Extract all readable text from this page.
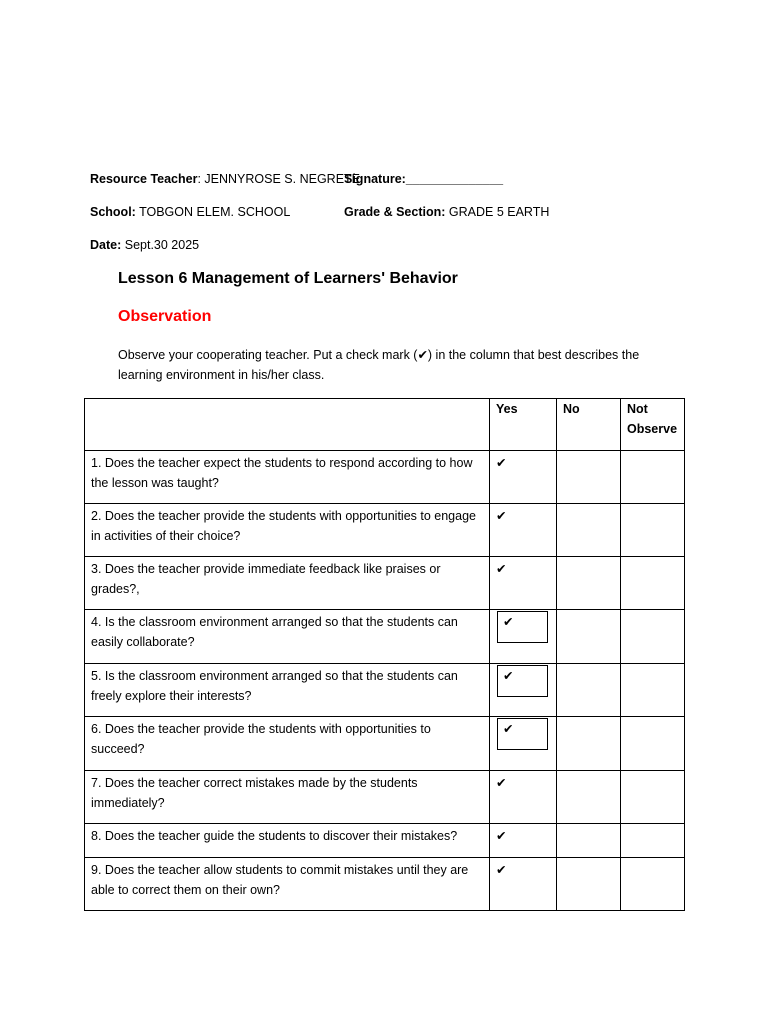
Resource Teacher: JENNYROSE S. NEGRETE
Signature:______________
School: TOBGON ELEM. SCHOOL	Grade & Section: GRADE 5 EARTH
Date: Sept.30 2025
Lesson 6 Management of Learners' Behavior
Observation
Observe your cooperating teacher. Put a check mark (✔) in the column that best describes the learning environment in his/her class.
	Yes	No	Not Observe

1. Does the teacher expect the students to respond according to how the lesson was taught?	✔		

2. Does the teacher provide the students with opportunities to engage in activities of their choice?	✔		

3. Does the teacher provide immediate feedback like praises or grades?,	✔		

4. Is the classroom environment arranged so that the students can easily collaborate?	✔		

5. Is the classroom environment arranged so that the students can freely explore their interests?	✔		

6. Does the teacher provide the students with opportunities to succeed?	✔		

7. Does the teacher correct mistakes made by the students immediately?	✔		

8. Does the teacher guide the students to discover their mistakes?	✔		

9. Does the teacher allow students to commit mistakes until they are able to correct them on their own?	✔		
